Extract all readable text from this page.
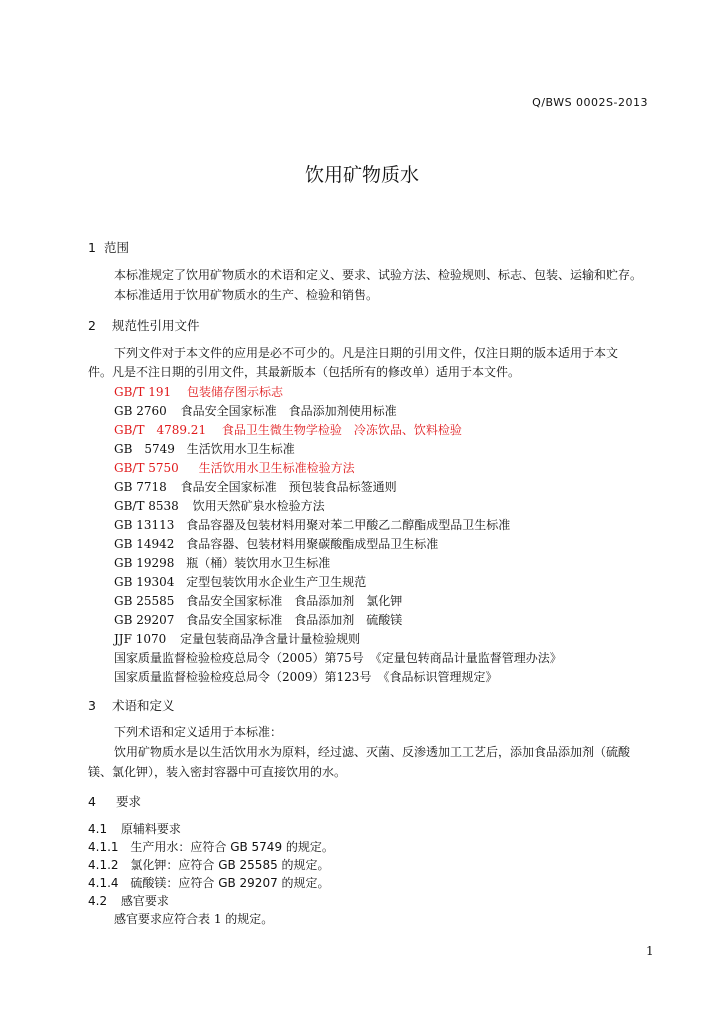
Q/BWS 0002S-2013
饮用矿物质水
1 范围
本标准规定了饮用矿物质水的术语和定义、要求、试验方法、检验规则、标志、包装、运输和贮存。
本标准适用于饮用矿物质水的生产、检验和销售。
2 规范性引用文件
下列文件对于本文件的应用是必不可少的。凡是注日期的引用文件，仅注日期的版本适用于本文
件。凡是不注日期的引用文件，其最新版本（包括所有的修改单）适用于本文件。
GB/T 191 包装储存图示标志
GB 2760 食品安全国家标准　食品添加剂使用标准
GB/T　4789.21 食品卫生微生物学检验　冷冻饮品、饮料检验
GB　5749 生活饮用水卫生标准
GB/T 5750 生活饮用水卫生标准检验方法
GB 7718 食品安全国家标准　预包装食品标签通则
GB/T 8538 饮用天然矿泉水检验方法
GB 13113 食品容器及包装材料用聚对苯二甲酸乙二醇酯成型品卫生标准
GB 14942 食品容器、包装材料用聚碳酸酯成型品卫生标准
GB 19298 瓶（桶）装饮用水卫生标准
GB 19304 定型包装饮用水企业生产卫生规范
GB 25585 食品安全国家标准　食品添加剂　氯化钾
GB 29207 食品安全国家标准　食品添加剂　硫酸镁
JJF 1070 定量包装商品净含量计量检验规则
国家质量监督检验检疫总局令（2005）第75号　《定量包转商品计量监督管理办法》
国家质量监督检验检疫总局令（2009）第123号　《食品标识管理规定》
3 术语和定义
下列术语和定义适用于本标准：
饮用矿物质水是以生活饮用水为原料，经过滤、灭菌、反渗透加工工艺后，添加食品添加剂（硫酸
镁、氯化钾），装入密封容器中可直接饮用的水。
4 要求
4.1 原辅料要求
4.1.1 生产用水：应符合 GB 5749 的规定。
4.1.2 氯化钾：应符合 GB 25585 的规定。
4.1.4 硫酸镁：应符合 GB 29207 的规定。
4.2 感官要求
感官要求应符合表 1 的规定。
1
